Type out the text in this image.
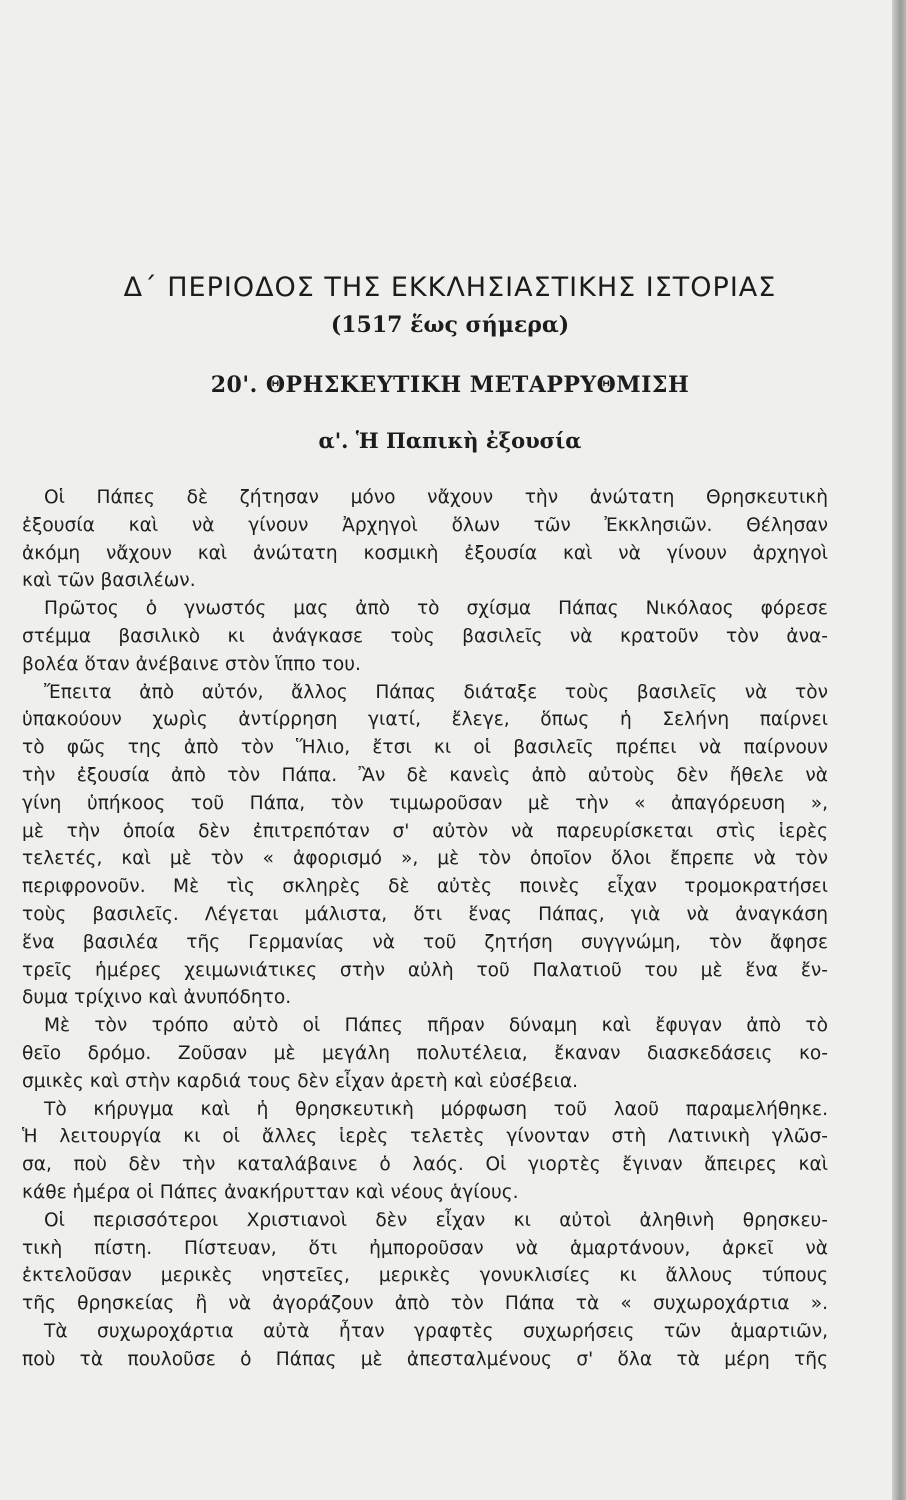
Δ΄ ΠΕΡΙΟΔΟΣ ΤΗΣ ΕΚΚΛΗΣΙΑΣΤΙΚΗΣ ΙΣΤΟΡΙΑΣ
(1517 ἕως σήμερα)
20'. ΘΡΗΣΚΕΥΤΙΚΗ ΜΕΤΑΡΡΥΘΜΙΣΗ
α'. Ἡ Παπικὴ ἐξουσία
Οἱ Πάπες δὲ ζήτησαν μόνο νἄχουν τὴν ἀνώτατη Θρησκευτικὴ
ἐξουσία καὶ νὰ γίνουν Ἀρχηγοὶ ὅλων τῶν Ἐκκλησιῶν. Θέλησαν
ἀκόμη νἄχουν καὶ ἀνώτατη κοσμικὴ ἐξουσία καὶ νὰ γίνουν ἀρχηγοὶ
καὶ τῶν βασιλέων.
Πρῶτος ὁ γνωστός μας ἀπὸ τὸ σχίσμα Πάπας Νικόλαος φόρεσε
στέμμα βασιλικὸ κι ἀνάγκασε τοὺς βασιλεῖς νὰ κρατοῦν τὸν ἀνα-
βολέα ὅταν ἀνέβαινε στὸν ἵππο του.
Ἔπειτα ἀπὸ αὐτόν, ἄλλος Πάπας διάταξε τοὺς βασιλεῖς νὰ τὸν
ὑπακούουν χωρὶς ἀντίρρηση γιατί, ἔλεγε, ὅπως ἡ Σελήνη παίρνει
τὸ φῶς της ἀπὸ τὸν Ἥλιο, ἔτσι κι οἱ βασιλεῖς πρέπει νὰ παίρνουν
τὴν ἐξουσία ἀπὸ τὸν Πάπα. Ἂν δὲ κανεὶς ἀπὸ αὐτοὺς δὲν ἤθελε νὰ
γίνη ὑπήκοος τοῦ Πάπα, τὸν τιμωροῦσαν μὲ τὴν « ἀπαγόρευση »,
μὲ τὴν ὁποία δὲν ἐπιτρεπόταν σ' αὐτὸν νὰ παρευρίσκεται στὶς ἱερὲς
τελετές, καὶ μὲ τὸν « ἀφορισμό », μὲ τὸν ὁποῖον ὅλοι ἔπρεπε νὰ τὸν
περιφρονοῦν. Μὲ τὶς σκληρὲς δὲ αὐτὲς ποινὲς εἶχαν τρομοκρατήσει
τοὺς βασιλεῖς. Λέγεται μάλιστα, ὅτι ἕνας Πάπας, γιὰ νὰ ἀναγκάση
ἕνα βασιλέα τῆς Γερμανίας νὰ τοῦ ζητήση συγγνώμη, τὸν ἄφησε
τρεῖς ἡμέρες χειμωνιάτικες στὴν αὐλὴ τοῦ Παλατιοῦ του μὲ ἕνα ἔν-
δυμα τρίχινο καὶ ἀνυπόδητο.
Μὲ τὸν τρόπο αὐτὸ οἱ Πάπες πῆραν δύναμη καὶ ἔφυγαν ἀπὸ τὸ
θεῖο δρόμο. Ζοῦσαν μὲ μεγάλη πολυτέλεια, ἔκαναν διασκεδάσεις κο-
σμικὲς καὶ στὴν καρδιά τους δὲν εἶχαν ἀρετὴ καὶ εὐσέβεια.
Τὸ κήρυγμα καὶ ἡ θρησκευτικὴ μόρφωση τοῦ λαοῦ παραμελήθηκε.
Ἡ λειτουργία κι οἱ ἄλλες ἱερὲς τελετὲς γίνονταν στὴ Λατινικὴ γλῶσ-
σα, ποὺ δὲν τὴν καταλάβαινε ὁ λαός. Οἱ γιορτὲς ἔγιναν ἄπειρες καὶ
κάθε ἡμέρα οἱ Πάπες ἀνακήρυτταν καὶ νέους ἁγίους.
Οἱ περισσότεροι Χριστιανοὶ δὲν εἶχαν κι αὐτοὶ ἀληθινὴ θρησκευ-
τικὴ πίστη. Πίστευαν, ὅτι ἠμποροῦσαν νὰ ἁμαρτάνουν, ἀρκεῖ νὰ
ἐκτελοῦσαν μερικὲς νηστεῖες, μερικὲς γονυκλισίες κι ἄλλους τύπους
τῆς θρησκείας ἢ νὰ ἀγοράζουν ἀπὸ τὸν Πάπα τὰ « συχωροχάρτια ».
Τὰ συχωροχάρτια αὐτὰ ἦταν γραφτὲς συχωρήσεις τῶν ἁμαρτιῶν,
ποὺ τὰ πουλοῦσε ὁ Πάπας μὲ ἀπεσταλμένους σ' ὅλα τὰ μέρη τῆς
